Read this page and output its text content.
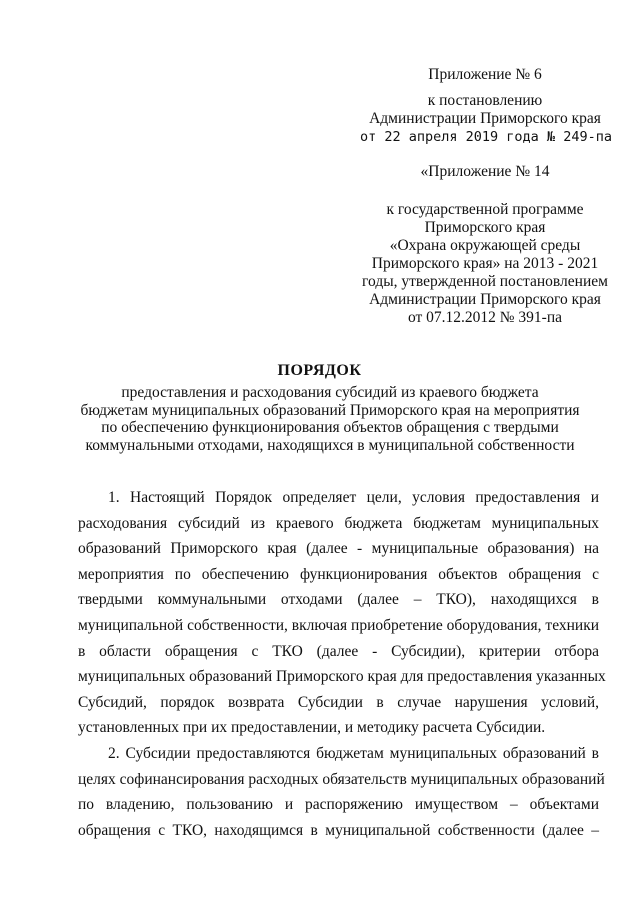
Приложение № 6
к постановлению
Администрации Приморского края
от 22 апреля 2019 года № 249-па
«Приложение № 14
к государственной программе
Приморского края
«Охрана окружающей среды
Приморского края» на 2013 - 2021
годы, утвержденной постановлением
Администрации Приморского края
от 07.12.2012 № 391-па
ПОРЯДОК
предоставления и расходования субсидий из краевого бюджета
бюджетам муниципальных образований Приморского края на мероприятия
по обеспечению функционирования объектов обращения с твердыми
коммунальными отходами, находящихся в муниципальной собственности
1. Настоящий Порядок определяет цели, условия предоставления и
расходования субсидий из краевого бюджета бюджетам муниципальных
образований Приморского края (далее - муниципальные образования) на
мероприятия по обеспечению функционирования объектов обращения с
твердыми коммунальными отходами (далее – ТКО), находящихся в
муниципальной собственности, включая приобретение оборудования, техники
в области обращения с ТКО (далее - Субсидии), критерии отбора
муниципальных образований Приморского края для предоставления указанных
Субсидий, порядок возврата Субсидии в случае нарушения условий,
установленных при их предоставлении, и методику расчета Субсидии.
2. Субсидии предоставляются бюджетам муниципальных образований в
целях софинансирования расходных обязательств муниципальных образований
по владению, пользованию и распоряжению имуществом – объектами
обращения с ТКО, находящимся в муниципальной собственности (далее –
